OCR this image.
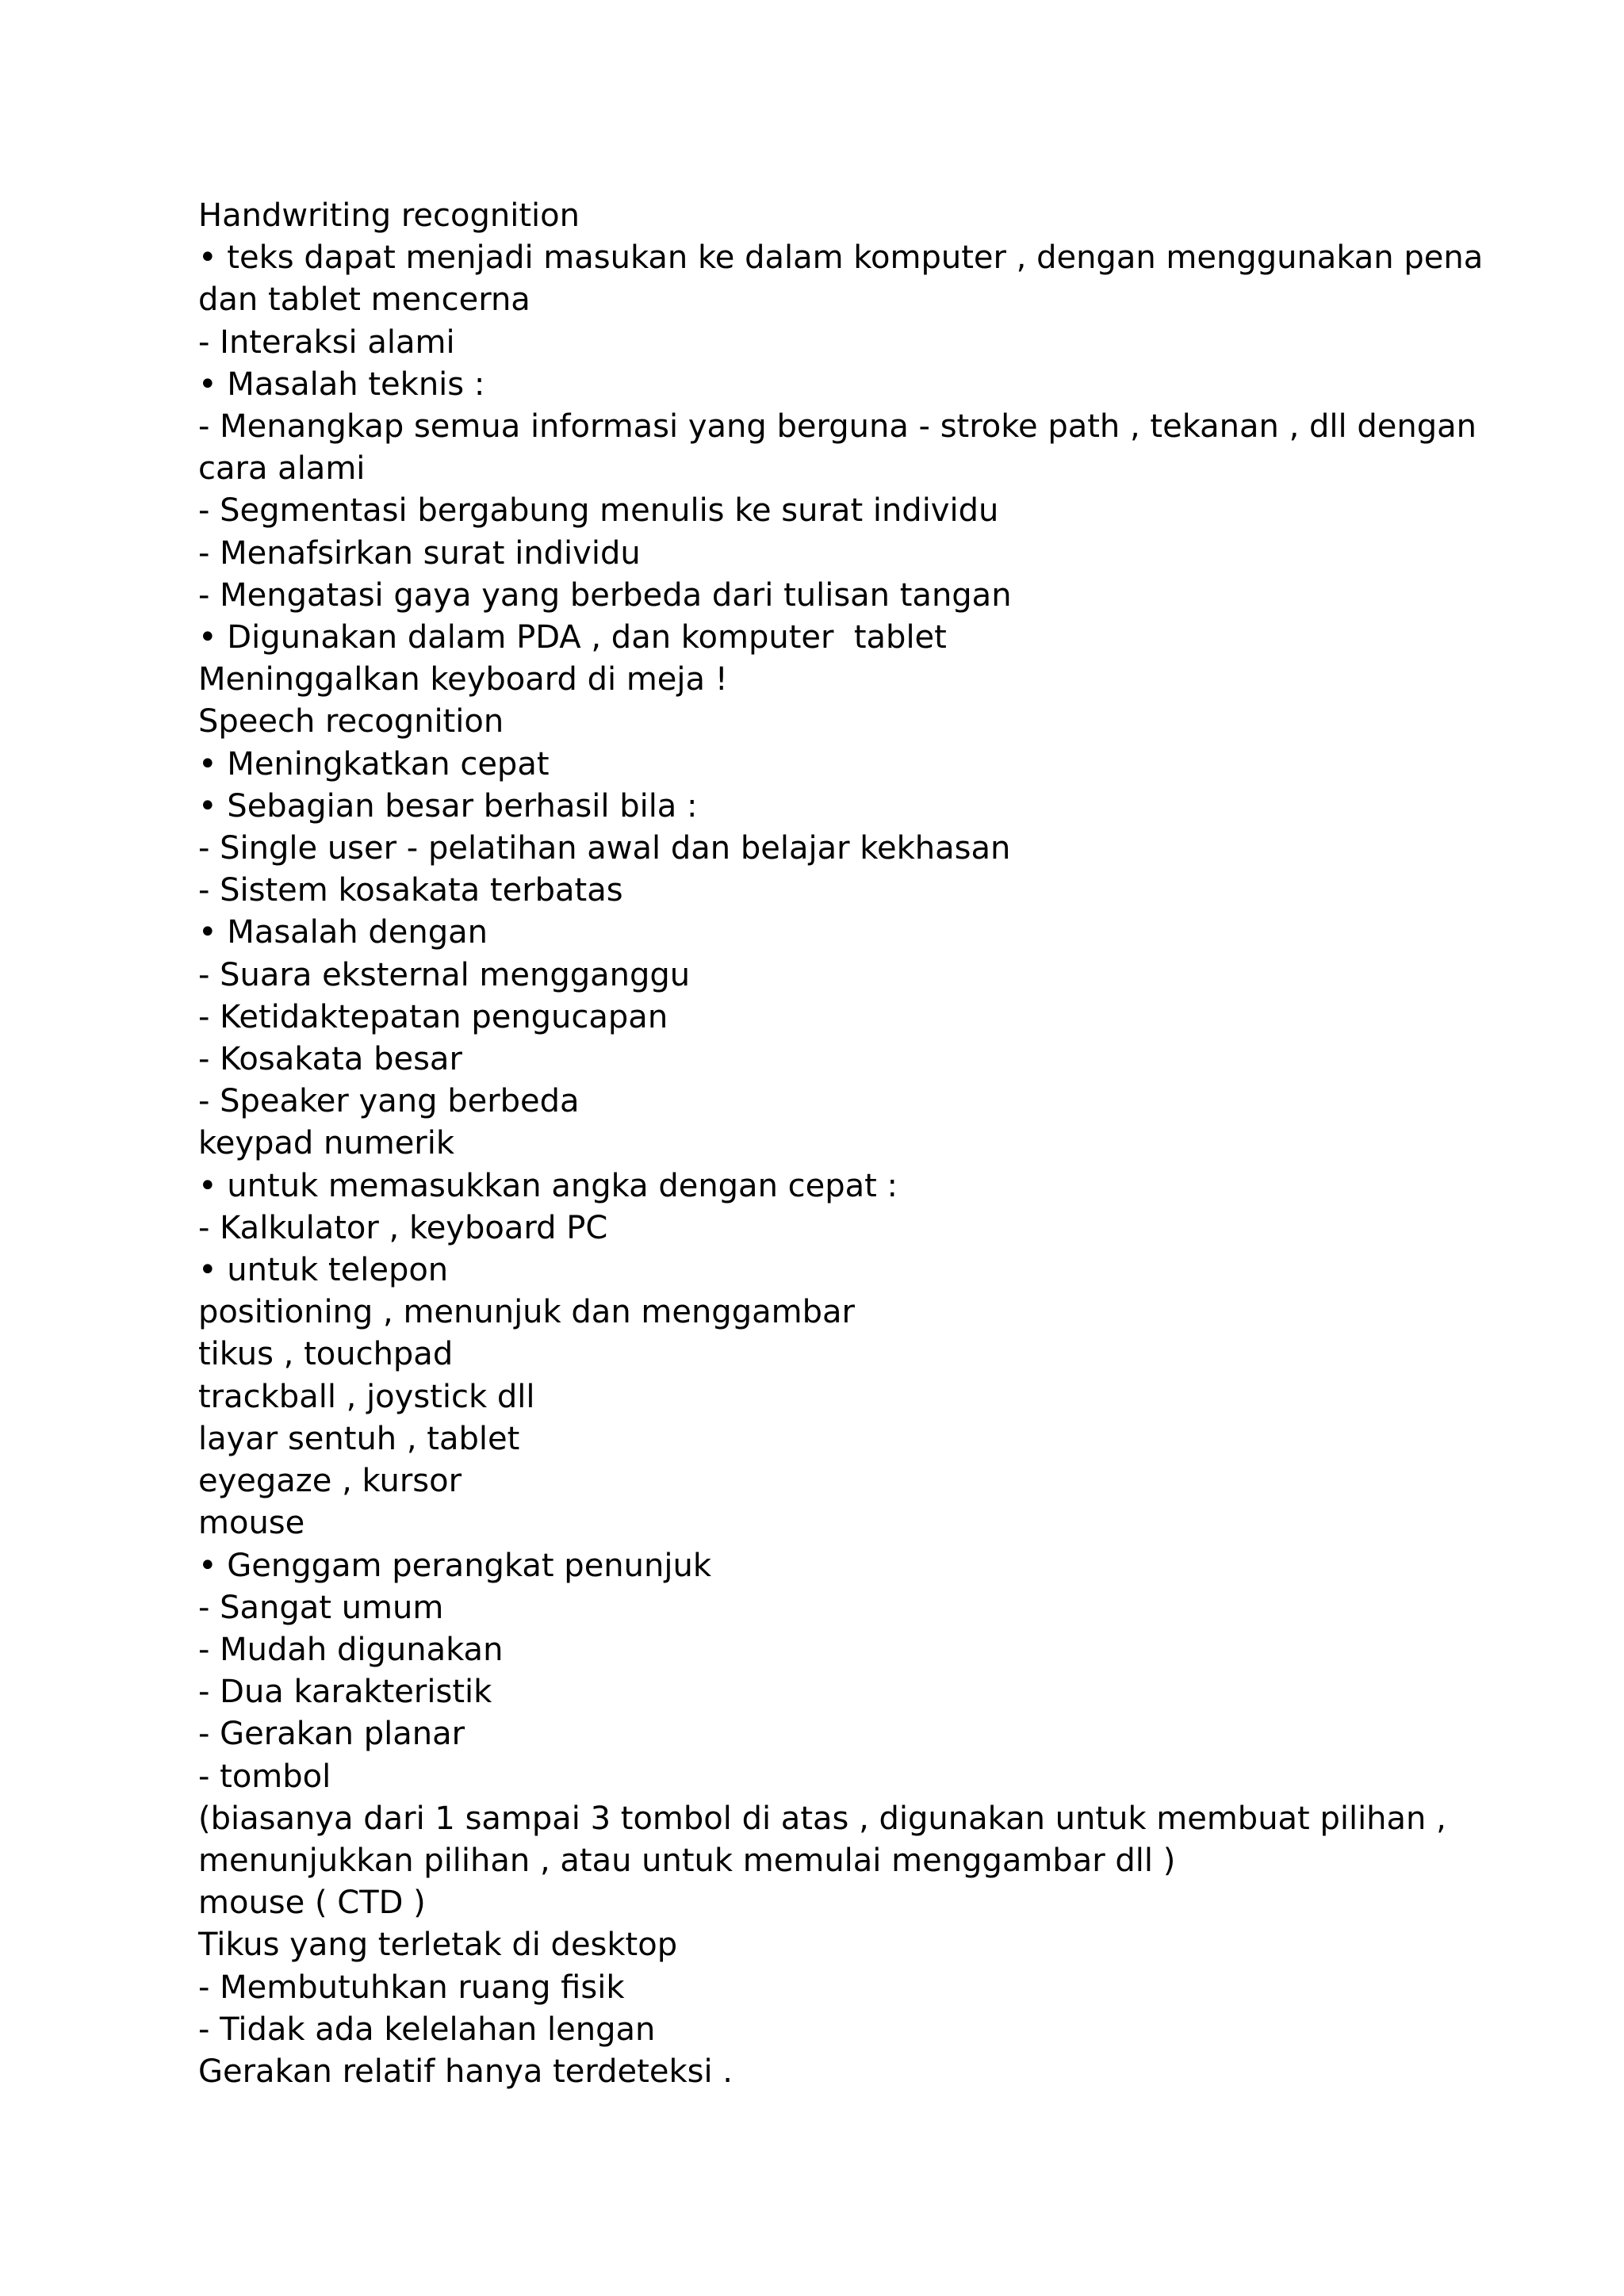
Handwriting recognition
• teks dapat menjadi masukan ke dalam komputer , dengan menggunakan pena
dan tablet mencerna
- Interaksi alami
• Masalah teknis :
- Menangkap semua informasi yang berguna - stroke path , tekanan , dll dengan
cara alami
- Segmentasi bergabung menulis ke surat individu
- Menafsirkan surat individu
- Mengatasi gaya yang berbeda dari tulisan tangan
• Digunakan dalam PDA , dan komputer  tablet
Meninggalkan keyboard di meja !
Speech recognition
• Meningkatkan cepat
• Sebagian besar berhasil bila :
- Single user - pelatihan awal dan belajar kekhasan
- Sistem kosakata terbatas
• Masalah dengan
- Suara eksternal mengganggu
- Ketidaktepatan pengucapan
- Kosakata besar
- Speaker yang berbeda
keypad numerik
• untuk memasukkan angka dengan cepat :
- Kalkulator , keyboard PC
• untuk telepon
positioning , menunjuk dan menggambar
tikus , touchpad
trackball , joystick dll
layar sentuh , tablet
eyegaze , kursor
mouse
• Genggam perangkat penunjuk
- Sangat umum
- Mudah digunakan
- Dua karakteristik
- Gerakan planar
- tombol
(biasanya dari 1 sampai 3 tombol di atas , digunakan untuk membuat pilihan ,
menunjukkan pilihan , atau untuk memulai menggambar dll )
mouse ( CTD )
Tikus yang terletak di desktop
- Membutuhkan ruang fisik
- Tidak ada kelelahan lengan
Gerakan relatif hanya terdeteksi .
